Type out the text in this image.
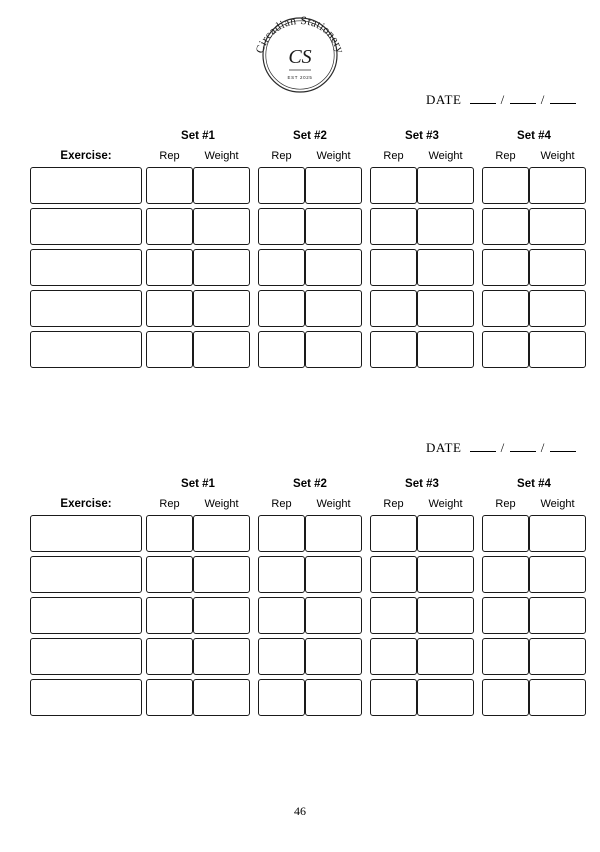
Circadian Stationery
CS
EST 2025
DATE	/	/
Set #1	Set #2	Set #3	Set #4
Exercise:	Rep	Weight	Rep	Weight	Rep	Weight	Rep	Weight
DATE	/	/
Set #1	Set #2	Set #3	Set #4
Exercise:	Rep	Weight	Rep	Weight	Rep	Weight	Rep	Weight
46
